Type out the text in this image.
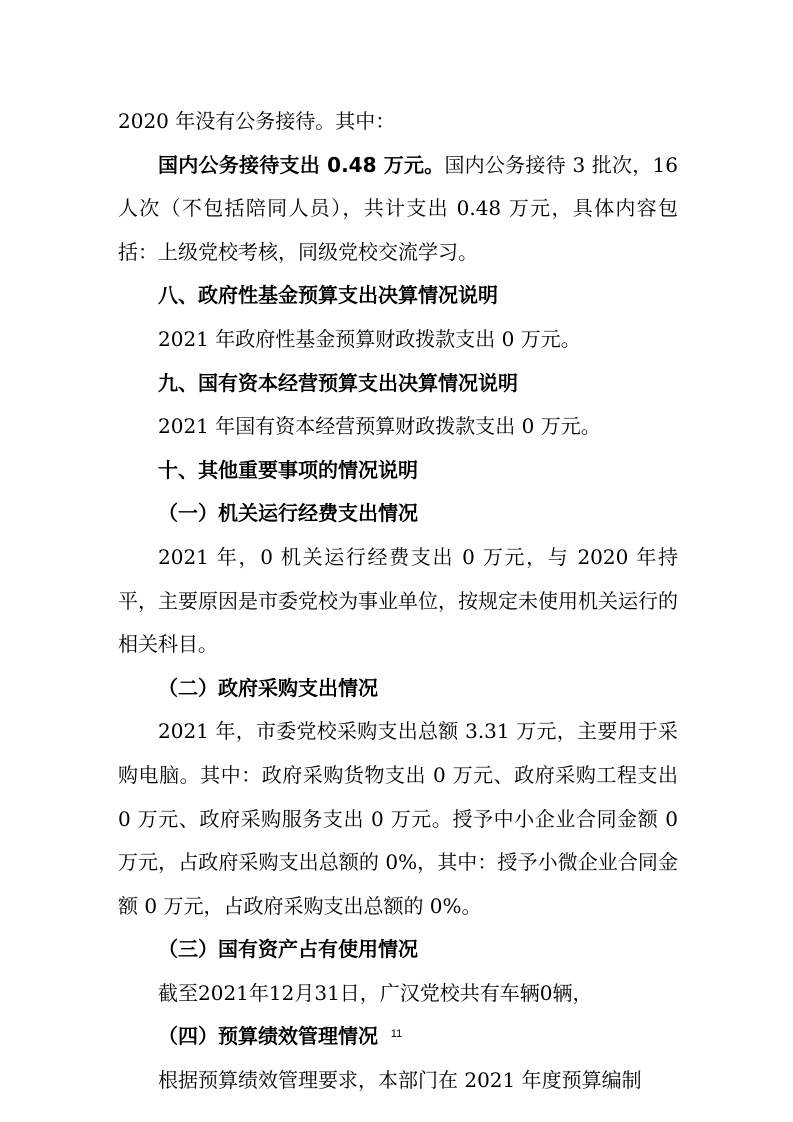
2020 年没有公务接待。其中：

国内公务接待支出 0.48 万元。国内公务接待 3 批次，16 人次（不包括陪同人员），共计支出 0.48 万元，具体内容包括：上级党校考核，同级党校交流学习。

八、政府性基金预算支出决算情况说明

2021 年政府性基金预算财政拨款支出 0 万元。

九、国有资本经营预算支出决算情况说明

2021 年国有资本经营预算财政拨款支出 0 万元。

十、其他重要事项的情况说明

（一）机关运行经费支出情况

2021 年，0 机关运行经费支出 0 万元，与 2020 年持平，主要原因是市委党校为事业单位，按规定未使用机关运行的相关科目。

（二）政府采购支出情况

2021 年，市委党校采购支出总额 3.31 万元，主要用于采购电脑。其中：政府采购货物支出 0 万元、政府采购工程支出 0 万元、政府采购服务支出 0 万元。授予中小企业合同金额 0 万元，占政府采购支出总额的 0%，其中：授予小微企业合同金额 0 万元，占政府采购支出总额的 0%。

（三）国有资产占有使用情况

截至2021年12月31日，广汉党校共有车辆0辆，

（四）预算绩效管理情况

根据预算绩效管理要求，本部门在 2021 年度预算编制

11
